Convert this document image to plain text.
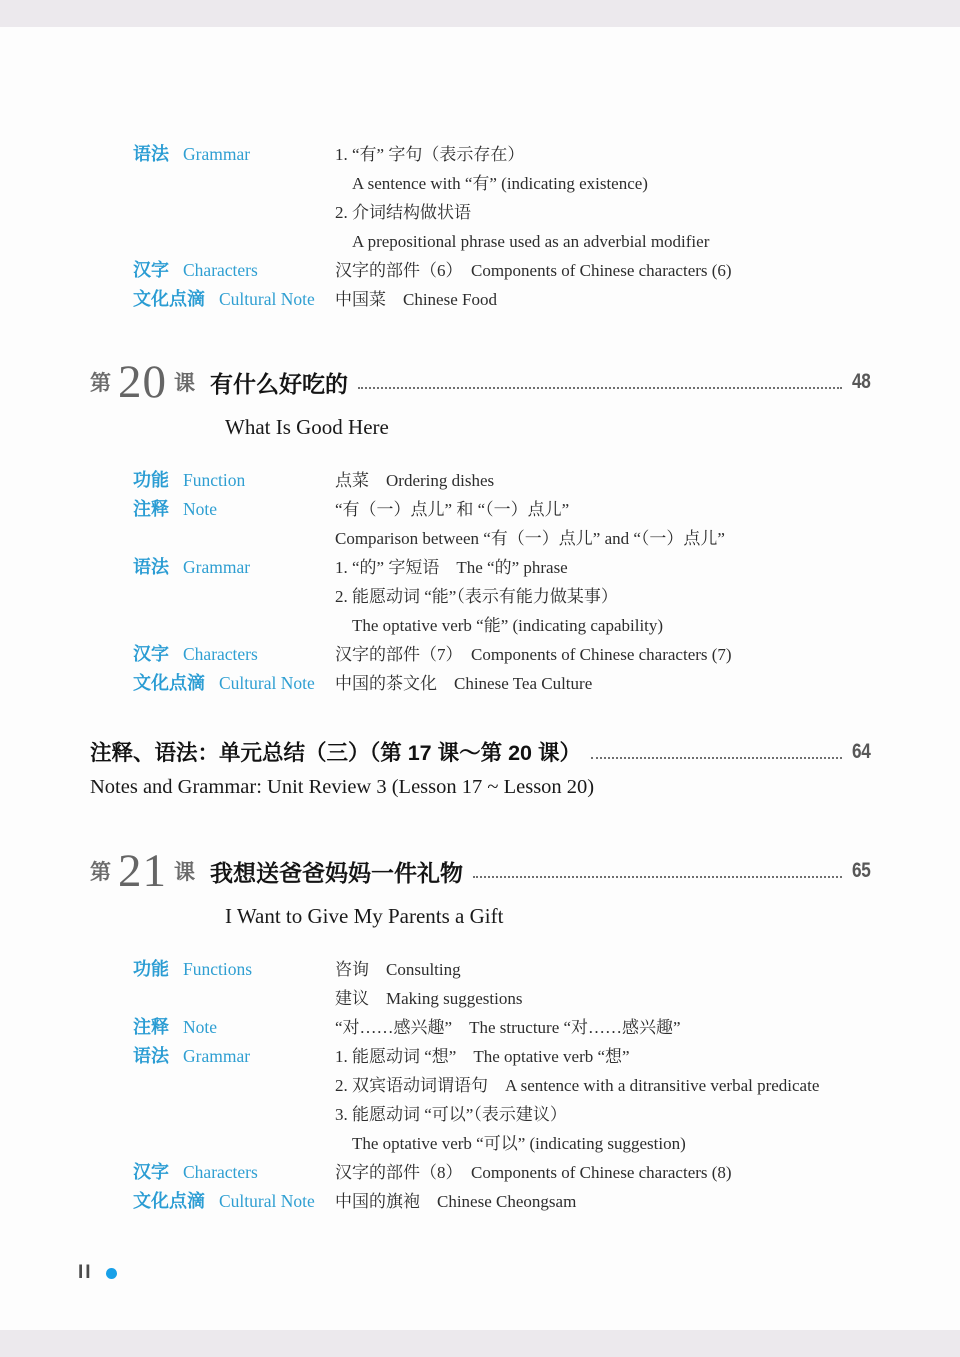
语法 Grammar	1. “有” 字句（表示存在）
A sentence with “有” (indicating existence)
2. 介词结构做状语
A prepositional phrase used as an adverbial modifier
汉字 Characters	汉字的部件（6）　Components of Chinese characters (6)
文化点滴 Cultural Note 中国菜　Chinese Food
第 20 课 有什么好吃的	48
What Is Good Here
功能 Function	点菜　Ordering dishes
注释 Note	“有（一）点儿” 和 “（一）点儿”
Comparison between “有（一）点儿” and “（一）点儿”
语法 Grammar	1. “的” 字短语　The “的” phrase
2. 能愿动词 “能”（表示有能力做某事）
The optative verb “能” (indicating capability)
汉字 Characters	汉字的部件（7）　Components of Chinese characters (7)
文化点滴 Cultural Note 中国的茶文化　Chinese Tea Culture
注释、语法：单元总结（三）（第 17 课～第 20 课）	64
Notes and Grammar: Unit Review 3 (Lesson 17 ~ Lesson 20)
第 21 课 我想送爸爸妈妈一件礼物	65
I Want to Give My Parents a Gift
功能 Functions	咨询　Consulting
建议　Making suggestions
注释 Note	“对……感兴趣”　The structure “对……感兴趣”
语法 Grammar	1. 能愿动词 “想”　The optative verb “想”
2. 双宾语动词谓语句　A sentence with a ditransitive verbal predicate
3. 能愿动词 “可以”（表示建议）
The optative verb “可以” (indicating suggestion)
汉字 Characters	汉字的部件（8）　Components of Chinese characters (8)
文化点滴 Cultural Note 中国的旗袍　Chinese Cheongsam
II
